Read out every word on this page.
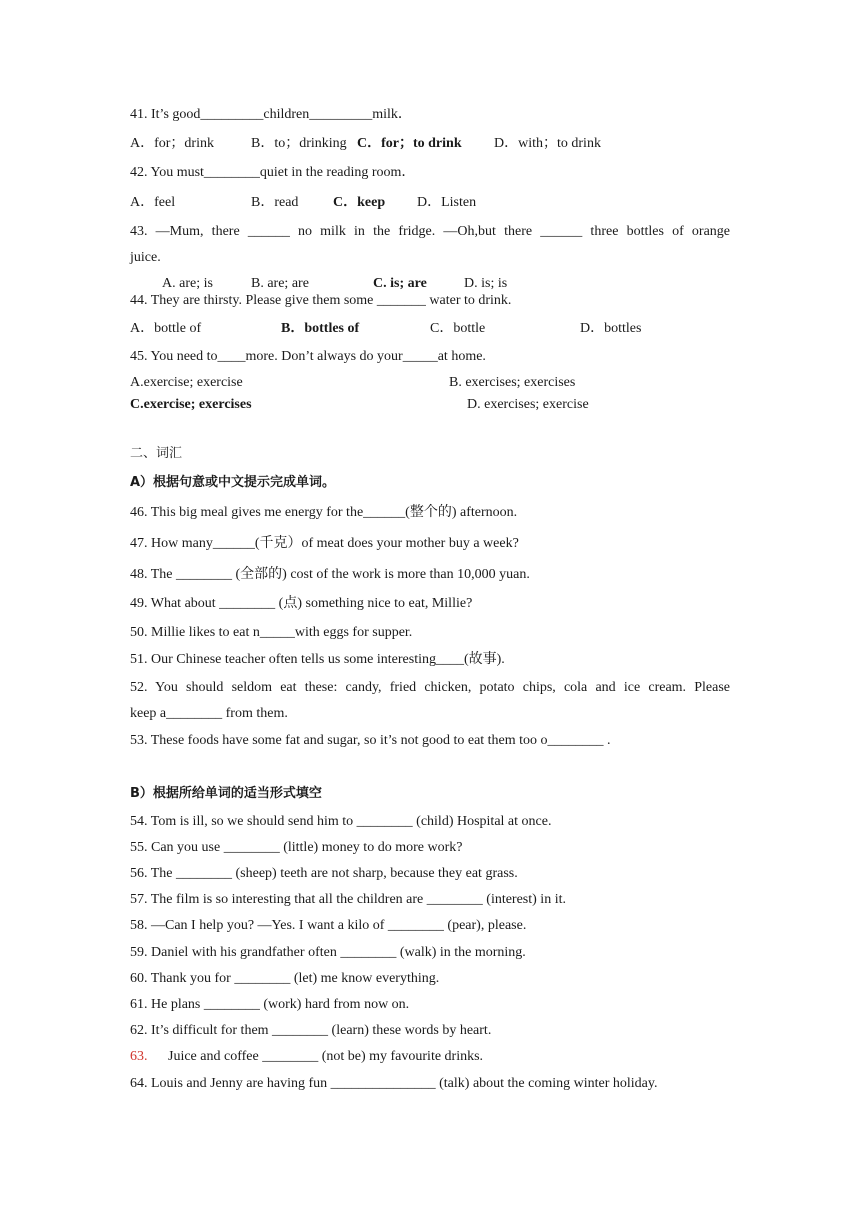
41. It’s good_________children_________milk．
A．for；drink	B．to；drinking C．for；to drink D．with；to drink
42. You must________quiet in the reading room．
A．feel	B．read C．keep D．Listen
43. —Mum, there ______ no milk in the fridge. —Oh,but there ______ three bottles of orange
juice.
A. are; is	B. are; are	C. is; are	D. is; is
44. They are thirsty. Please give them some _______ water to drink.
A．bottle of	B．bottles of	C．bottle	D．bottles
45. You need to____more. Don’t always do your_____at home.
A.exercise; exercise	B. exercises; exercises
C.exercise; exercises	D. exercises; exercise
二、词汇
A）根据句意或中文提示完成单词。
46. This big meal gives me energy for the______(整个的) afternoon.
47. How many______(千克）of meat does your mother buy a week?
48. The ________ (全部的) cost of the work is more than 10,000 yuan.
49. What about ________ (点) something nice to eat, Millie?
50. Millie likes to eat n_____with eggs for supper.
51. Our Chinese teacher often tells us some interesting____(故事).
52. You should seldom eat these: candy, fried chicken, potato chips, cola and ice cream. Please
keep a________ from them.
53. These foods have some fat and sugar, so it’s not good to eat them too o________ .
B）根据所给单词的适当形式填空
54. Tom is ill, so we should send him to ________ (child) Hospital at once.
55. Can you use ________ (little) money to do more work?
56. The ________ (sheep) teeth are not sharp, because they eat grass.
57. The film is so interesting that all the children are ________ (interest) in it.
58. —Can I help you? —Yes. I want a kilo of ________ (pear), please.
59. Daniel with his grandfather often ________ (walk) in the morning.
60. Thank you for ________ (let) me know everything.
61. He plans ________ (work) hard from now on.
62. It’s difficult for them ________ (learn) these words by heart.
63. Juice and coffee ________ (not be) my favourite drinks.
64. Louis and Jenny are having fun _______________ (talk) about the coming winter holiday.
